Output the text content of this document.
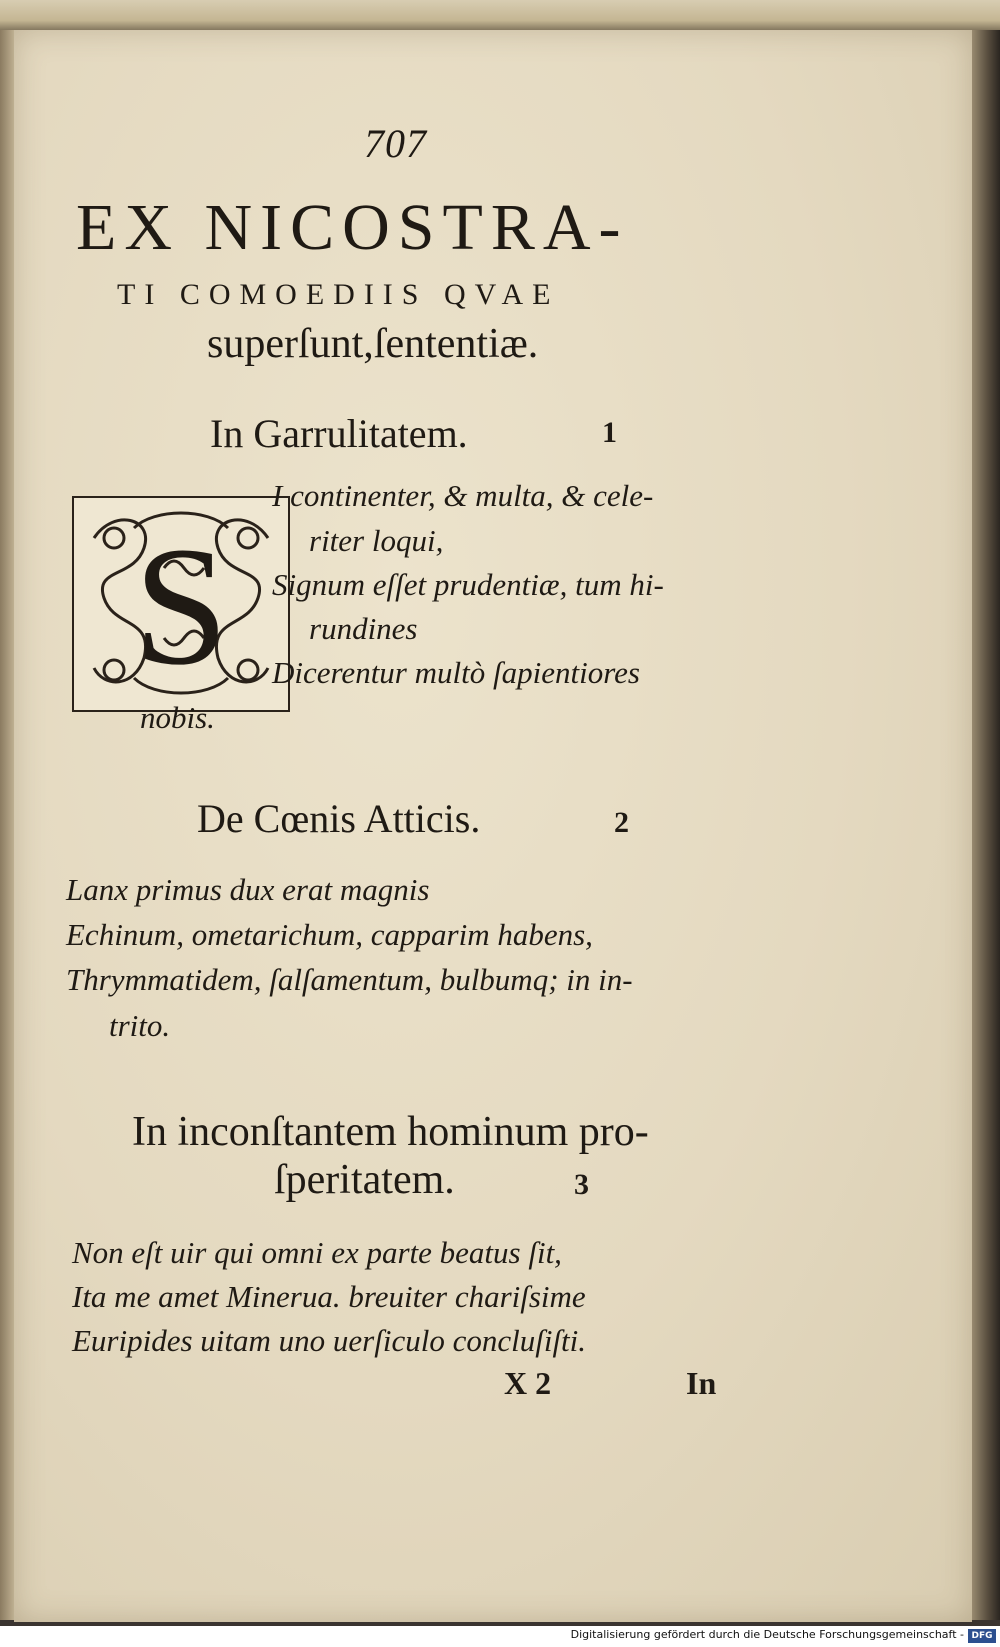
707
EX NICOSTRA-
TI COMOEDIIS QVAE
superſunt,ſententiæ.
In Garrulitatem.	1
S
I continenter, & multa, & cele-
riter loqui,
Signum eſſet prudentiæ, tum hi-
rundines
Dicerentur multò ſapientiores
nobis.
De Cœnis Atticis.	2
Lanx primus dux erat magnis
Echinum, ometarichum, capparim habens,
Thrymmatidem, ſalſamentum, bulbumq; in in-
trito.
In inconſtantem hominum pro-
ſperitatem.	3
Non eſt uir qui omni ex parte beatus ſit,
Ita me amet Minerua. breuiter chariſsime
Euripides uitam uno uerſiculo concluſiſti.
X 2	In
Digitalisierung gefördert durch die Deutsche Forschungsgemeinschaft - DFG
